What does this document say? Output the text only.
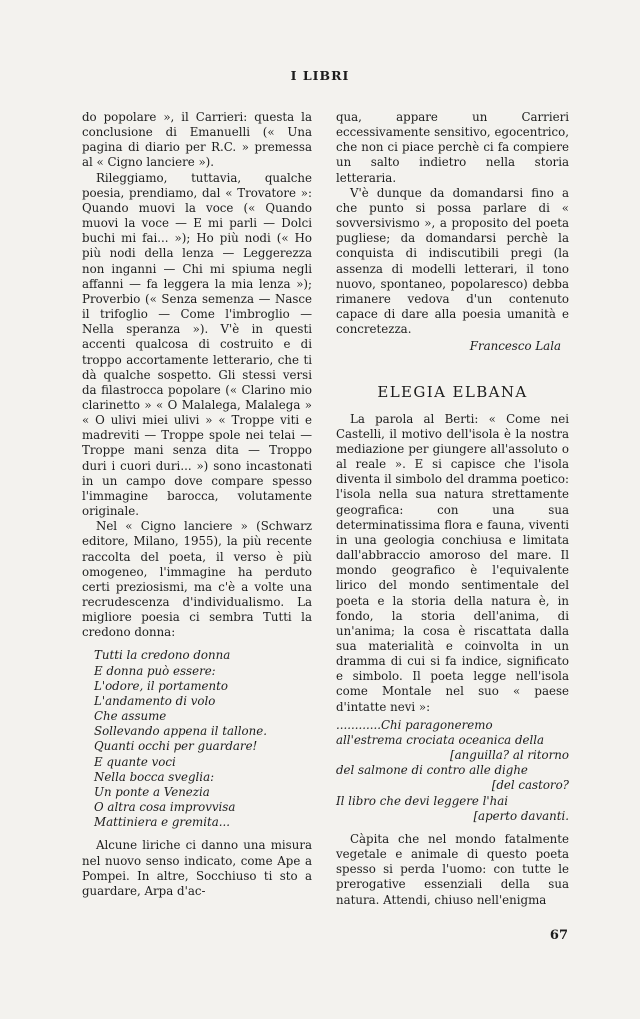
I LIBRI

do popolare », il Carrieri: questa la conclusione di Emanuelli (« Una pagina di diario per R.C. » premessa al « Cigno lanciere »).

Rileggiamo, tuttavia, qualche poesia, prendiamo, dal « Trovatore »: Quando muovi la voce (« Quando muovi la voce — E mi parli — Dolci buchi mi fai... »); Ho più nodi (« Ho più nodi della lenza — Leggerezza non inganni — Chi mi spiuma negli affanni — fa leggera la mia lenza »); Proverbio (« Senza semenza — Nasce il trifoglio — Come l'imbroglio — Nella speranza »). V'è in questi accenti qualcosa di costruito e di troppo accortamente letterario, che ti dà qualche sospetto. Gli stessi versi da filastrocca popolare (« Clarino mio clarinetto » « O Malalega, Malalega » « O ulivi miei ulivi » « Troppe viti e madreviti — Troppe spole nei telai — Troppe mani senza dita — Troppo duri i cuori duri... ») sono incastonati in un campo dove compare spesso l'immagine barocca, volutamente originale.

Nel « Cigno lanciere » (Schwarz editore, Milano, 1955), la più recente raccolta del poeta, il verso è più omogeneo, l'immagine ha perduto certi preziosismi, ma c'è a volte una recrudescenza d'individualismo. La migliore poesia ci sembra Tutti la credono donna:

Tutti la credono donna
E donna può essere:
L'odore, il portamento
L'andamento di volo
Che assume
Sollevando appena il tallone.
Quanti occhi per guardare!
E quante voci
Nella bocca sveglia:
Un ponte a Venezia
O altra cosa improvvisa
Mattiniera e gremita...

Alcune liriche ci danno una misura nel nuovo senso indicato, come Ape a Pompei. In altre, Socchiuso ti sto a guardare, Arpa d'ac-

qua, appare un Carrieri eccessivamente sensitivo, egocentrico, che non ci piace perchè ci fa compiere un salto indietro nella storia letteraria.

V'è dunque da domandarsi fino a che punto si possa parlare di « sovversivismo », a proposito del poeta pugliese; da domandarsi perchè la conquista di indiscutibili pregi (la assenza di modelli letterari, il tono nuovo, spontaneo, popolaresco) debba rimanere vedova d'un contenuto capace di dare alla poesia umanità e concretezza.

Francesco Lala
ELEGIA ELBANA

La parola al Berti: « Come nei Castelli, il motivo dell'isola è la nostra mediazione per giungere all'assoluto o al reale ». E si capisce che l'isola diventa il simbolo del dramma poetico: l'isola nella sua natura strettamente geografica: con una sua determinatissima flora e fauna, viventi in una geologia conchiusa e limitata dall'abbraccio amoroso del mare. Il mondo geografico è l'equivalente lirico del mondo sentimentale del poeta e la storia della natura è, in fondo, la storia dell'anima, di un'anima; la cosa è riscattata dalla sua materialità e coinvolta in un dramma di cui si fa indice, significato e simbolo. Il poeta legge nell'isola come Montale nel suo « paese d'intatte nevi »:

............Chi paragoneremo
all'estrema crociata oceanica della
[anguilla? al ritorno
del salmone di contro alle dighe
[del castoro?
Il libro che devi leggere l'hai
[aperto davanti.

Càpita che nel mondo fatalmente vegetale e animale di questo poeta spesso si perda l'uomo: con tutte le prerogative essenziali della sua natura. Attendi, chiuso nell'enigma

67
